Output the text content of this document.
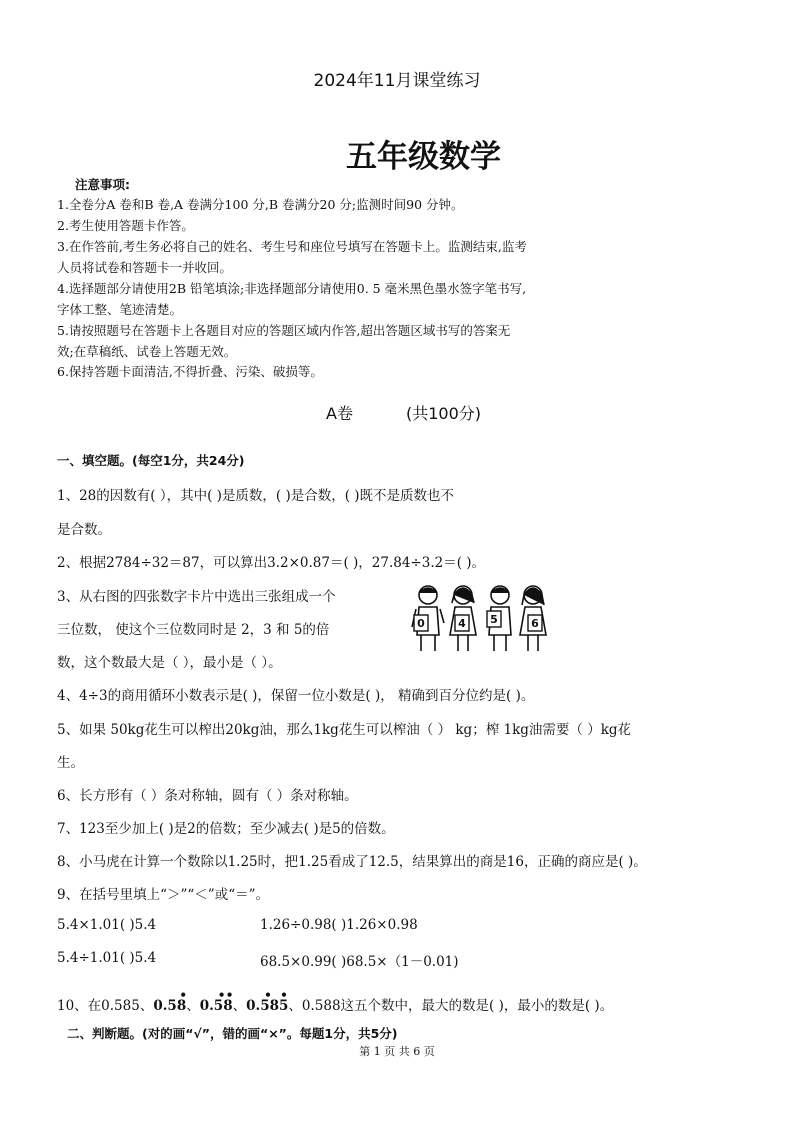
2024年11月课堂练习
五年级数学
注意事项:
1.全卷分A 卷和B 卷,A 卷满分100 分,B 卷满分20 分;监测时间90 分钟。
2.考生使用答题卡作答。
3.在作答前,考生务必将自己的姓名、考生号和座位号填写在答题卡上。监测结束,监考
人员将试卷和答题卡一并收回。
4.选择题部分请使用2B 铅笔填涂;非选择题部分请使用0. 5 毫米黑色墨水签字笔书写,
字体工整、笔迹清楚。
5.请按照题号在答题卡上各题目对应的答题区域内作答,超出答题区域书写的答案无
效;在草稿纸、试卷上答题无效。
6.保持答题卡面清洁,不得折叠、污染、破损等。
A卷	(共100分)
一、填空题。(每空1分，共24分)
1、28的因数有( ），其中( )是质数，( )是合数，( )既不是质数也不
是合数。
2、根据2784÷32＝87，可以算出3.2×0.87＝( )，27.84÷3.2＝( )。
3、从右图的四张数字卡片中选出三张组成一个
三位数， 使这个三位数同时是 2，3 和 5的倍
数，这个数最大是（ ），最小是（ ）。
0	4 5	6
4、4÷3的商用循环小数表示是( )，保留一位小数是( )， 精确到百分位约是( )。
5、如果 50kg花生可以榨出20kg油，那么1kg花生可以榨油（ ） kg；榨 1kg油需要（ ）kg花
生。
6、长方形有（ ）条对称轴，圆有（ ）条对称轴。
7、123至少加上( )是2的倍数；至少减去( )是5的倍数。
8、小马虎在计算一个数除以1.25时，把1.25看成了12.5，结果算出的商是16，正确的商应是( )。
9、在括号里填上“＞”“＜”或“＝”。
5.4×1.01( )5.4	1.26÷0.98( )1.26×0.98
5.4÷1.01( )5.4	68.5×0.99( )68.5×（1－0.01)
10、在0.585、0.58
•
、0.58
• •
、0.585
• •
、0.588这五个数中，最大的数是( )，最小的数是( )。
二、判断题。(对的画“√”，错的画“×”。每题1分，共5分)
第 1 页 共 6 页
